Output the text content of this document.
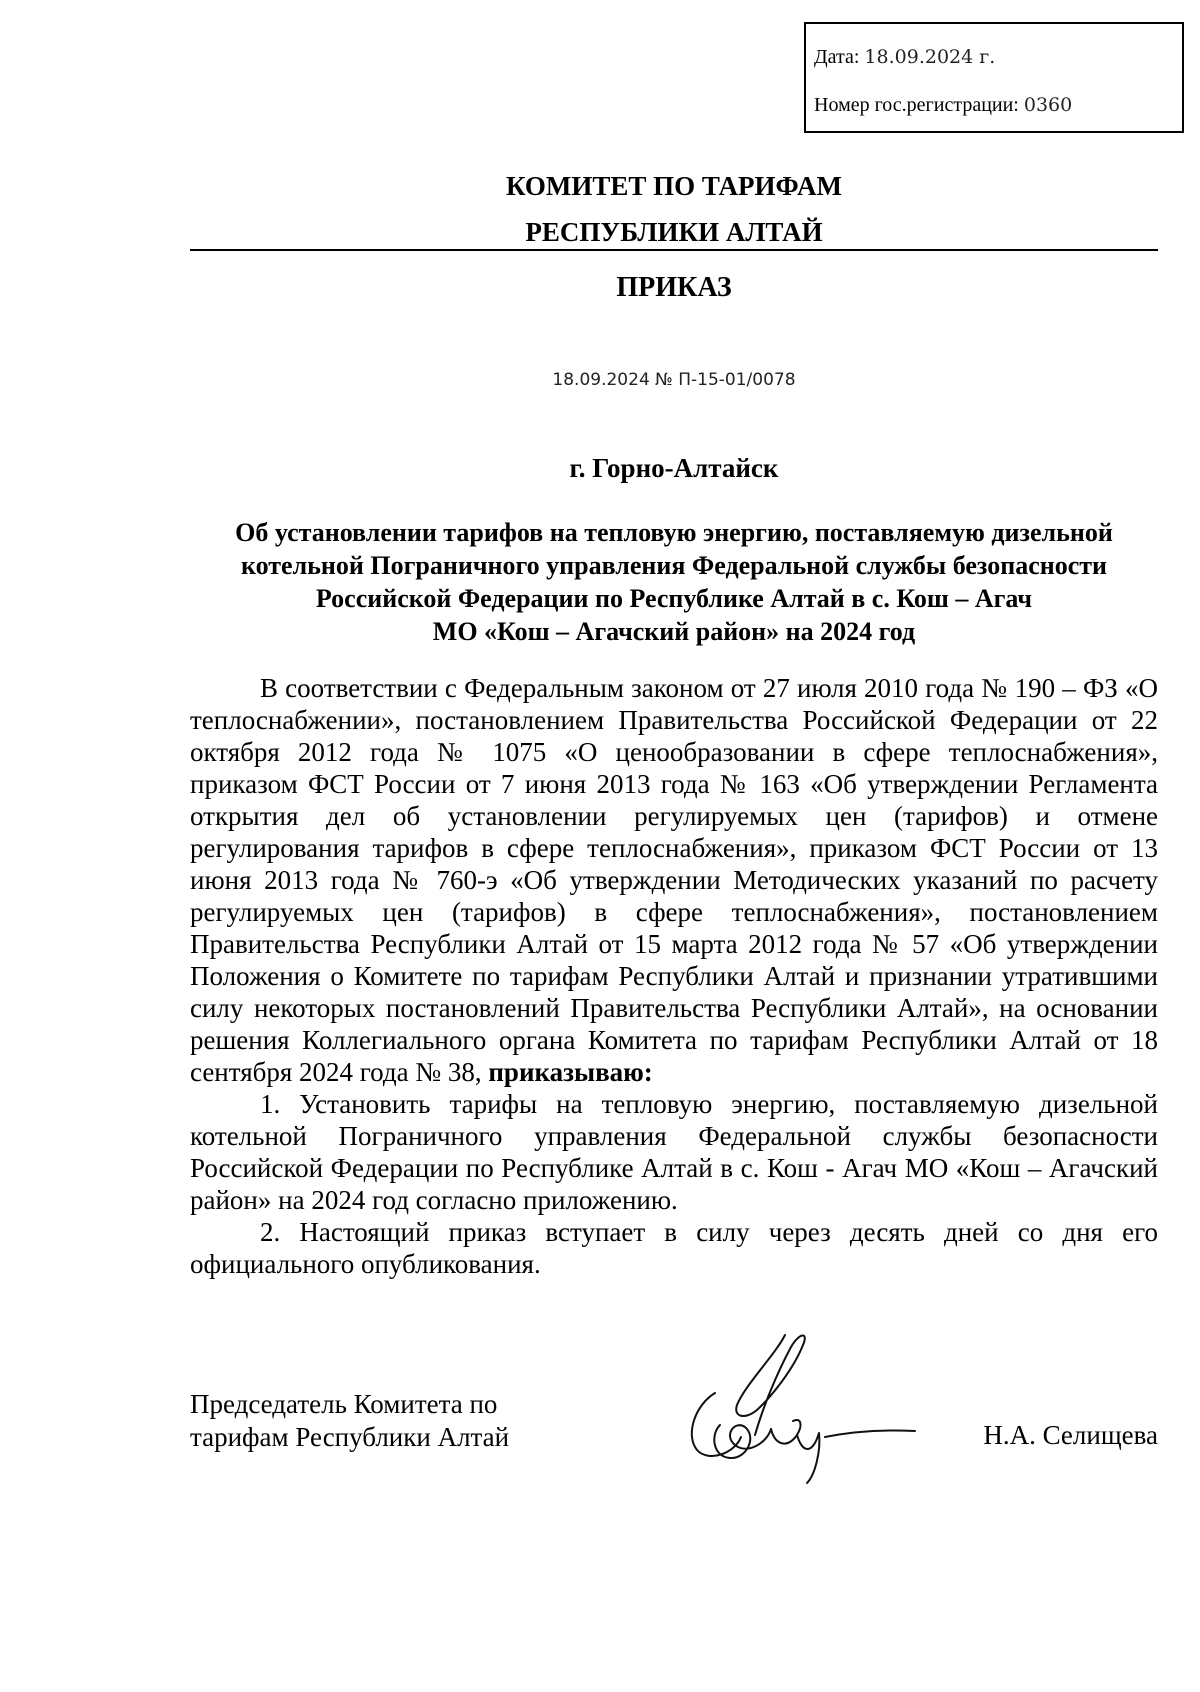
Дата: 18.09.2024 г.
Номер гос.регистрации: 0360
КОМИТЕТ ПО ТАРИФАМ
РЕСПУБЛИКИ АЛТАЙ
ПРИКАЗ
18.09.2024 № П-15-01/0078
г. Горно-Алтайск
Об установлении тарифов на тепловую энергию, поставляемую дизельной
котельной Пограничного управления Федеральной службы безопасности
Российской Федерации по Республике Алтай в с. Кош – Агач
МО «Кош – Агачский район» на 2024 год

В соответствии с Федеральным законом от 27 июля 2010 года № 190 – ФЗ «О теплоснабжении», постановлением Правительства Российской Федерации от 22 октября 2012 года № 1075 «О ценообразовании в сфере теплоснабжения», приказом ФСТ России от 7 июня 2013 года № 163 «Об утверждении Регламента открытия дел об установлении регулируемых цен (тарифов) и отмене регулирования тарифов в сфере теплоснабжения», приказом ФСТ России от 13 июня 2013 года № 760-э «Об утверждении Методических указаний по расчету регулируемых цен (тарифов) в сфере теплоснабжения», постановлением Правительства Республики Алтай от 15 марта 2012 года № 57 «Об утверждении Положения о Комитете по тарифам Республики Алтай и признании утратившими силу некоторых постановлений Правительства Республики Алтай», на основании решения Коллегиального органа Комитета по тарифам Республики Алтай от 18 сентября 2024 года № 38, приказываю:

1. Установить тарифы на тепловую энергию, поставляемую дизельной котельной Пограничного управления Федеральной службы безопасности Российской Федерации по Республике Алтай в с. Кош - Агач МО «Кош – Агачский район» на 2024 год согласно приложению.

2. Настоящий приказ вступает в силу через десять дней со дня его официального опубликования.

Председатель Комитета по
тарифам Республики Алтай	Н.А. Селищева
